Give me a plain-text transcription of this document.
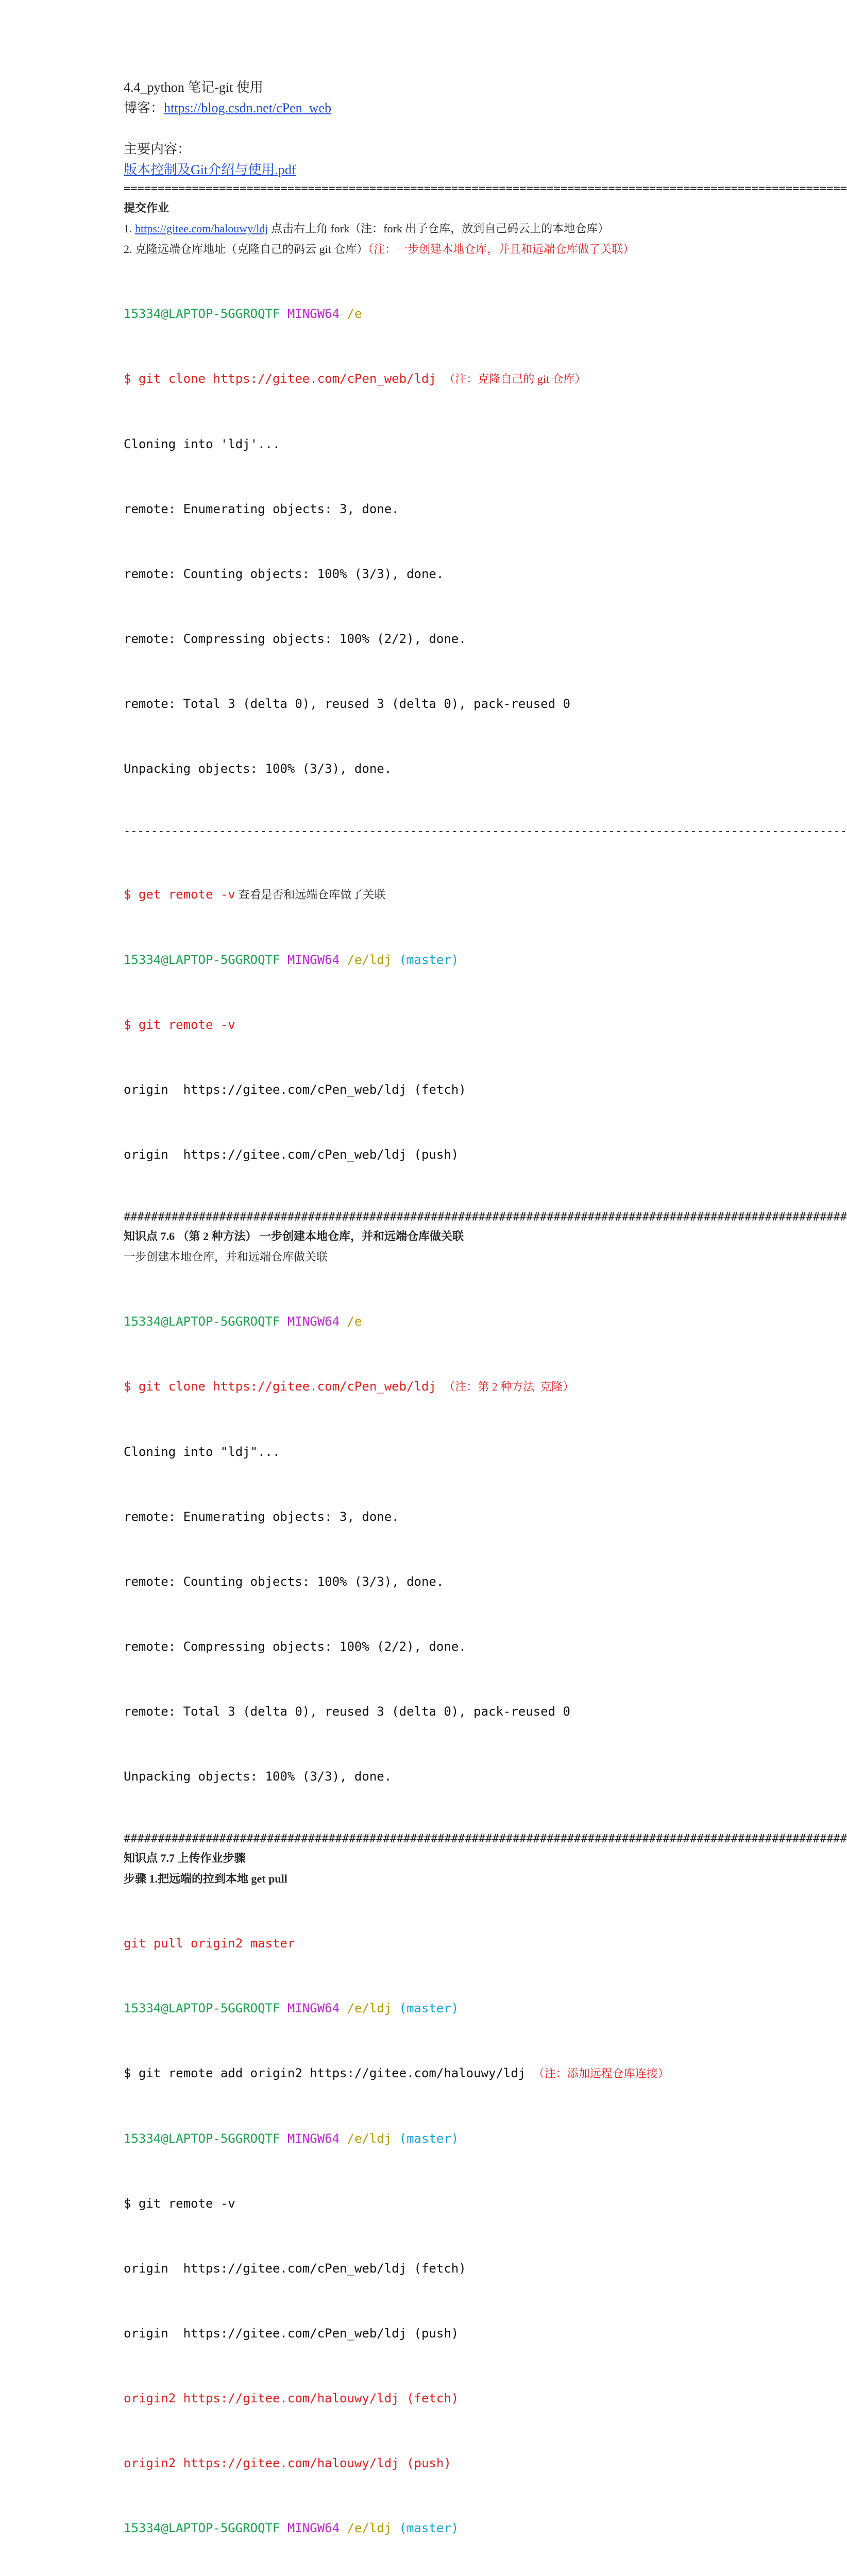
4.4_python 笔记-git 使用
博客：https://blog.csdn.net/cPen_web
主要内容：
版本控制及Git介绍与使用.pdf
==========================================================================================================
提交作业
1. https://gitee.com/halouwy/ldj 点击右上角 fork（注：fork 出子仓库，放到自己码云上的本地仓库）
2. 克隆远端仓库地址（克隆自己的码云 git 仓库）（注：一步创建本地仓库，并且和远端仓库做了关联）

15334@LAPTOP-5GGROQTF MINGW64 /e

$ git clone https://gitee.com/cPen_web/ldj （注：克隆自己的 git 仓库）

Cloning into 'ldj'...

remote: Enumerating objects: 3, done.

remote: Counting objects: 100% (3/3), done.

remote: Compressing objects: 100% (2/2), done.

remote: Total 3 (delta 0), reused 3 (delta 0), pack-reused 0

Unpacking objects: 100% (3/3), done.

----------------------------------------------------------------------------------------------------------

$ get remote -v 查看是否和远端仓库做了关联

15334@LAPTOP-5GGROQTF MINGW64 /e/ldj (master)

$ git remote -v

origin  https://gitee.com/cPen_web/ldj (fetch)

origin  https://gitee.com/cPen_web/ldj (push)

##########################################################################################################
知识点 7.6 （第 2 种方法） 一步创建本地仓库，并和远端仓库做关联
一步创建本地仓库，并和远端仓库做关联

15334@LAPTOP-5GGROQTF MINGW64 /e

$ git clone https://gitee.com/cPen_web/ldj （注：第 2 种方法  克隆）

Cloning into "ldj"...

remote: Enumerating objects: 3, done.

remote: Counting objects: 100% (3/3), done.

remote: Compressing objects: 100% (2/2), done.

remote: Total 3 (delta 0), reused 3 (delta 0), pack-reused 0

Unpacking objects: 100% (3/3), done.

##########################################################################################################
知识点 7.7 上传作业步骤
步骤 1.把远端的拉到本地 get pull

git pull origin2 master

15334@LAPTOP-5GGROQTF MINGW64 /e/ldj (master)

$ git remote add origin2 https://gitee.com/halouwy/ldj （注：添加远程仓库连接）

15334@LAPTOP-5GGROQTF MINGW64 /e/ldj (master)

$ git remote -v

origin  https://gitee.com/cPen_web/ldj (fetch)

origin  https://gitee.com/cPen_web/ldj (push)

origin2 https://gitee.com/halouwy/ldj (fetch)

origin2 https://gitee.com/halouwy/ldj (push)

15334@LAPTOP-5GGROQTF MINGW64 /e/ldj (master)
